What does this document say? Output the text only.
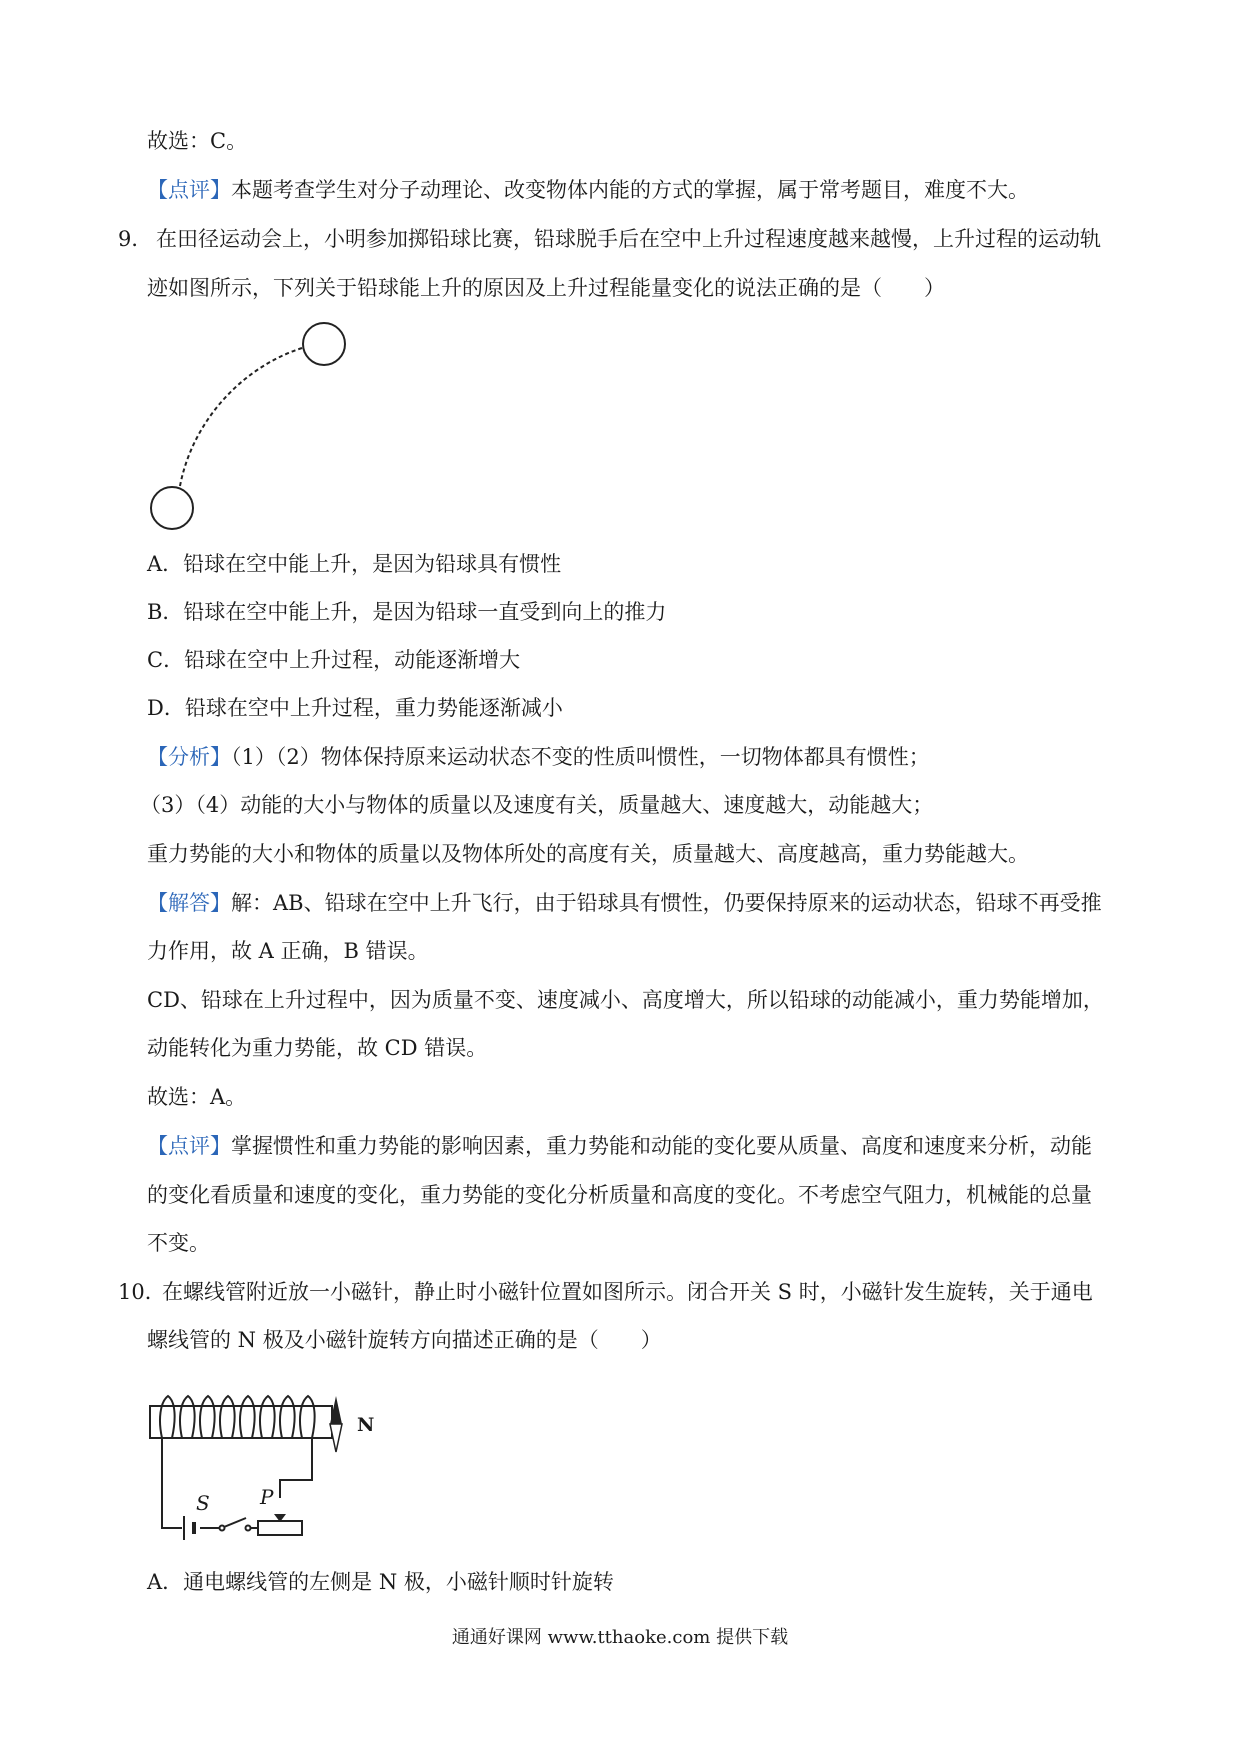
故选：C。
【点评】本题考查学生对分子动理论、改变物体内能的方式的掌握，属于常考题目，难度不大。
9． 在田径运动会上，小明参加掷铅球比赛，铅球脱手后在空中上升过程速度越来越慢，上升过程的运动轨
迹如图所示，下列关于铅球能上升的原因及上升过程能量变化的说法正确的是（　　）
A．铅球在空中能上升，是因为铅球具有惯性
B．铅球在空中能上升，是因为铅球一直受到向上的推力
C．铅球在空中上升过程，动能逐渐增大
D．铅球在空中上升过程，重力势能逐渐减小
【分析】（1）（2）物体保持原来运动状态不变的性质叫惯性，一切物体都具有惯性；
（3）（4）动能的大小与物体的质量以及速度有关，质量越大、速度越大，动能越大；
重力势能的大小和物体的质量以及物体所处的高度有关，质量越大、高度越高，重力势能越大。
【解答】解：AB、铅球在空中上升飞行，由于铅球具有惯性，仍要保持原来的运动状态，铅球不再受推
力作用，故 A 正确，B 错误。
CD、铅球在上升过程中，因为质量不变、速度减小、高度增大，所以铅球的动能减小，重力势能增加，
动能转化为重力势能，故 CD 错误。
故选：A。
【点评】掌握惯性和重力势能的影响因素，重力势能和动能的变化要从质量、高度和速度来分析，动能
的变化看质量和速度的变化，重力势能的变化分析质量和高度的变化。不考虑空气阻力，机械能的总量
不变。
10．
在螺线管附近放一小磁针，静止时小磁针位置如图所示。闭合开关 S 时，小磁针发生旋转，关于通电
螺线管的 N 极及小磁针旋转方向描述正确的是（　　）
N
S	P
A．通电螺线管的左侧是 N 极，小磁针顺时针旋转
通通好课网 www.tthaoke.com 提供下载
